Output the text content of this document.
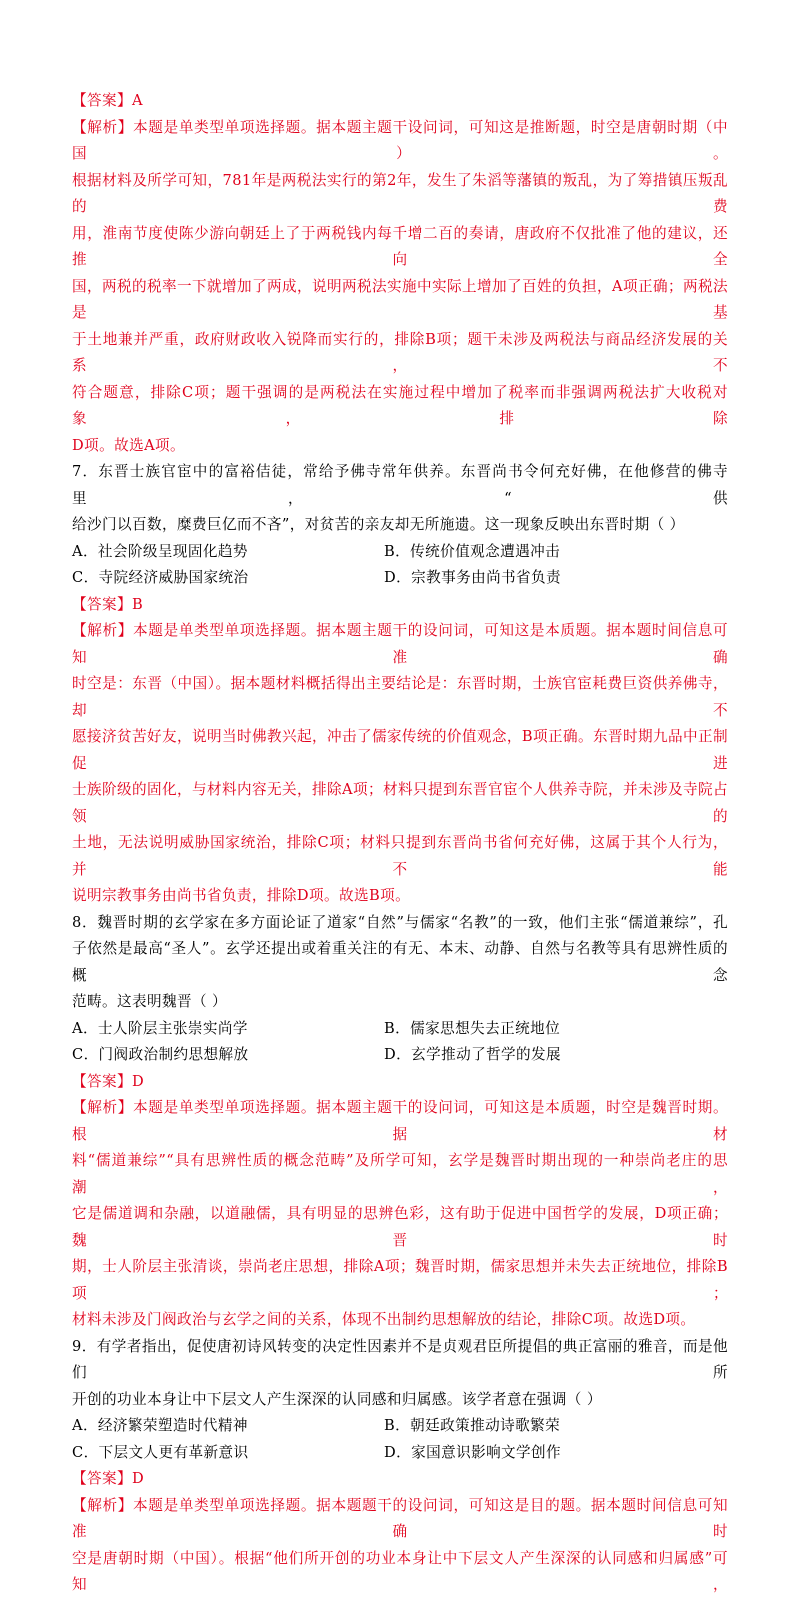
【答案】A
【解析】本题是单类型单项选择题。据本题主题干设问词，可知这是推断题，时空是唐朝时期（中国）。
根据材料及所学可知，781年是两税法实行的第2年，发生了朱滔等藩镇的叛乱，为了筹措镇压叛乱的费
用，淮南节度使陈少游向朝廷上了于两税钱内每千增二百的奏请，唐政府不仅批准了他的建议，还推向全
国，两税的税率一下就增加了两成，说明两税法实施中实际上增加了百姓的负担，A项正确；两税法是基
于土地兼并严重，政府财政收入锐降而实行的，排除B项；题干未涉及两税法与商品经济发展的关系，不
符合题意，排除C项；题干强调的是两税法在实施过程中增加了税率而非强调两税法扩大收税对象，排除
D项。故选A项。
7．东晋士族官宦中的富裕佶徒，常给予佛寺常年供养。东晋尚书令何充好佛，在他修营的佛寺里，“供
给沙门以百数，糜费巨亿而不吝”，对贫苦的亲友却无所施遗。这一现象反映出东晋时期（ ）
A．社会阶级呈现固化趋势	B．传统价值观念遭遇冲击
C．寺院经济威胁国家统治	D．宗教事务由尚书省负责
【答案】B
【解析】本题是单类型单项选择题。据本题主题干的设问词，可知这是本质题。据本题时间信息可知准确
时空是：东晋（中国）。据本题材料概括得出主要结论是：东晋时期，士族官宦耗费巨资供养佛寺，却不
愿接济贫苦好友，说明当时佛教兴起，冲击了儒家传统的价值观念，B项正确。东晋时期九品中正制促进
士族阶级的固化，与材料内容无关，排除A项；材料只提到东晋官宦个人供养寺院，并未涉及寺院占领的
土地，无法说明威胁国家统治，排除C项；材料只提到东晋尚书省何充好佛，这属于其个人行为，并不能
说明宗教事务由尚书省负责，排除D项。故选B项。
8．魏晋时期的玄学家在多方面论证了道家“自然”与儒家“名教”的一致，他们主张“儒道兼综”，孔
子依然是最高“圣人”。玄学还提出或着重关注的有无、本末、动静、自然与名教等具有思辨性质的概念
范畴。这表明魏晋（ ）
A．士人阶层主张崇实尚学	B．儒家思想失去正统地位
C．门阀政治制约思想解放	D．玄学推动了哲学的发展
【答案】D
【解析】本题是单类型单项选择题。据本题主题干的设问词，可知这是本质题，时空是魏晋时期。根据材
料“儒道兼综”“具有思辨性质的概念范畴”及所学可知，玄学是魏晋时期出现的一种崇尚老庄的思潮，
它是儒道调和杂融，以道融儒，具有明显的思辨色彩，这有助于促进中国哲学的发展，D项正确；魏晋时
期，士人阶层主张清谈，崇尚老庄思想，排除A项；魏晋时期，儒家思想并未失去正统地位，排除B项；
材料未涉及门阀政治与玄学之间的关系，体现不出制约思想解放的结论，排除C项。故选D项。
9．有学者指出，促使唐初诗风转变的决定性因素并不是贞观君臣所提倡的典正富丽的雅音，而是他们所
开创的功业本身让中下层文人产生深深的认同感和归属感。该学者意在强调（ ）
A．经济繁荣塑造时代精神	B．朝廷政策推动诗歌繁荣
C．下层文人更有革新意识	D．家国意识影响文学创作
【答案】D
【解析】本题是单类型单项选择题。据本题题干的设问词，可知这是目的题。据本题时间信息可知准确时
空是唐朝时期（中国）。根据“他们所开创的功业本身让中下层文人产生深深的认同感和归属感”可知，
